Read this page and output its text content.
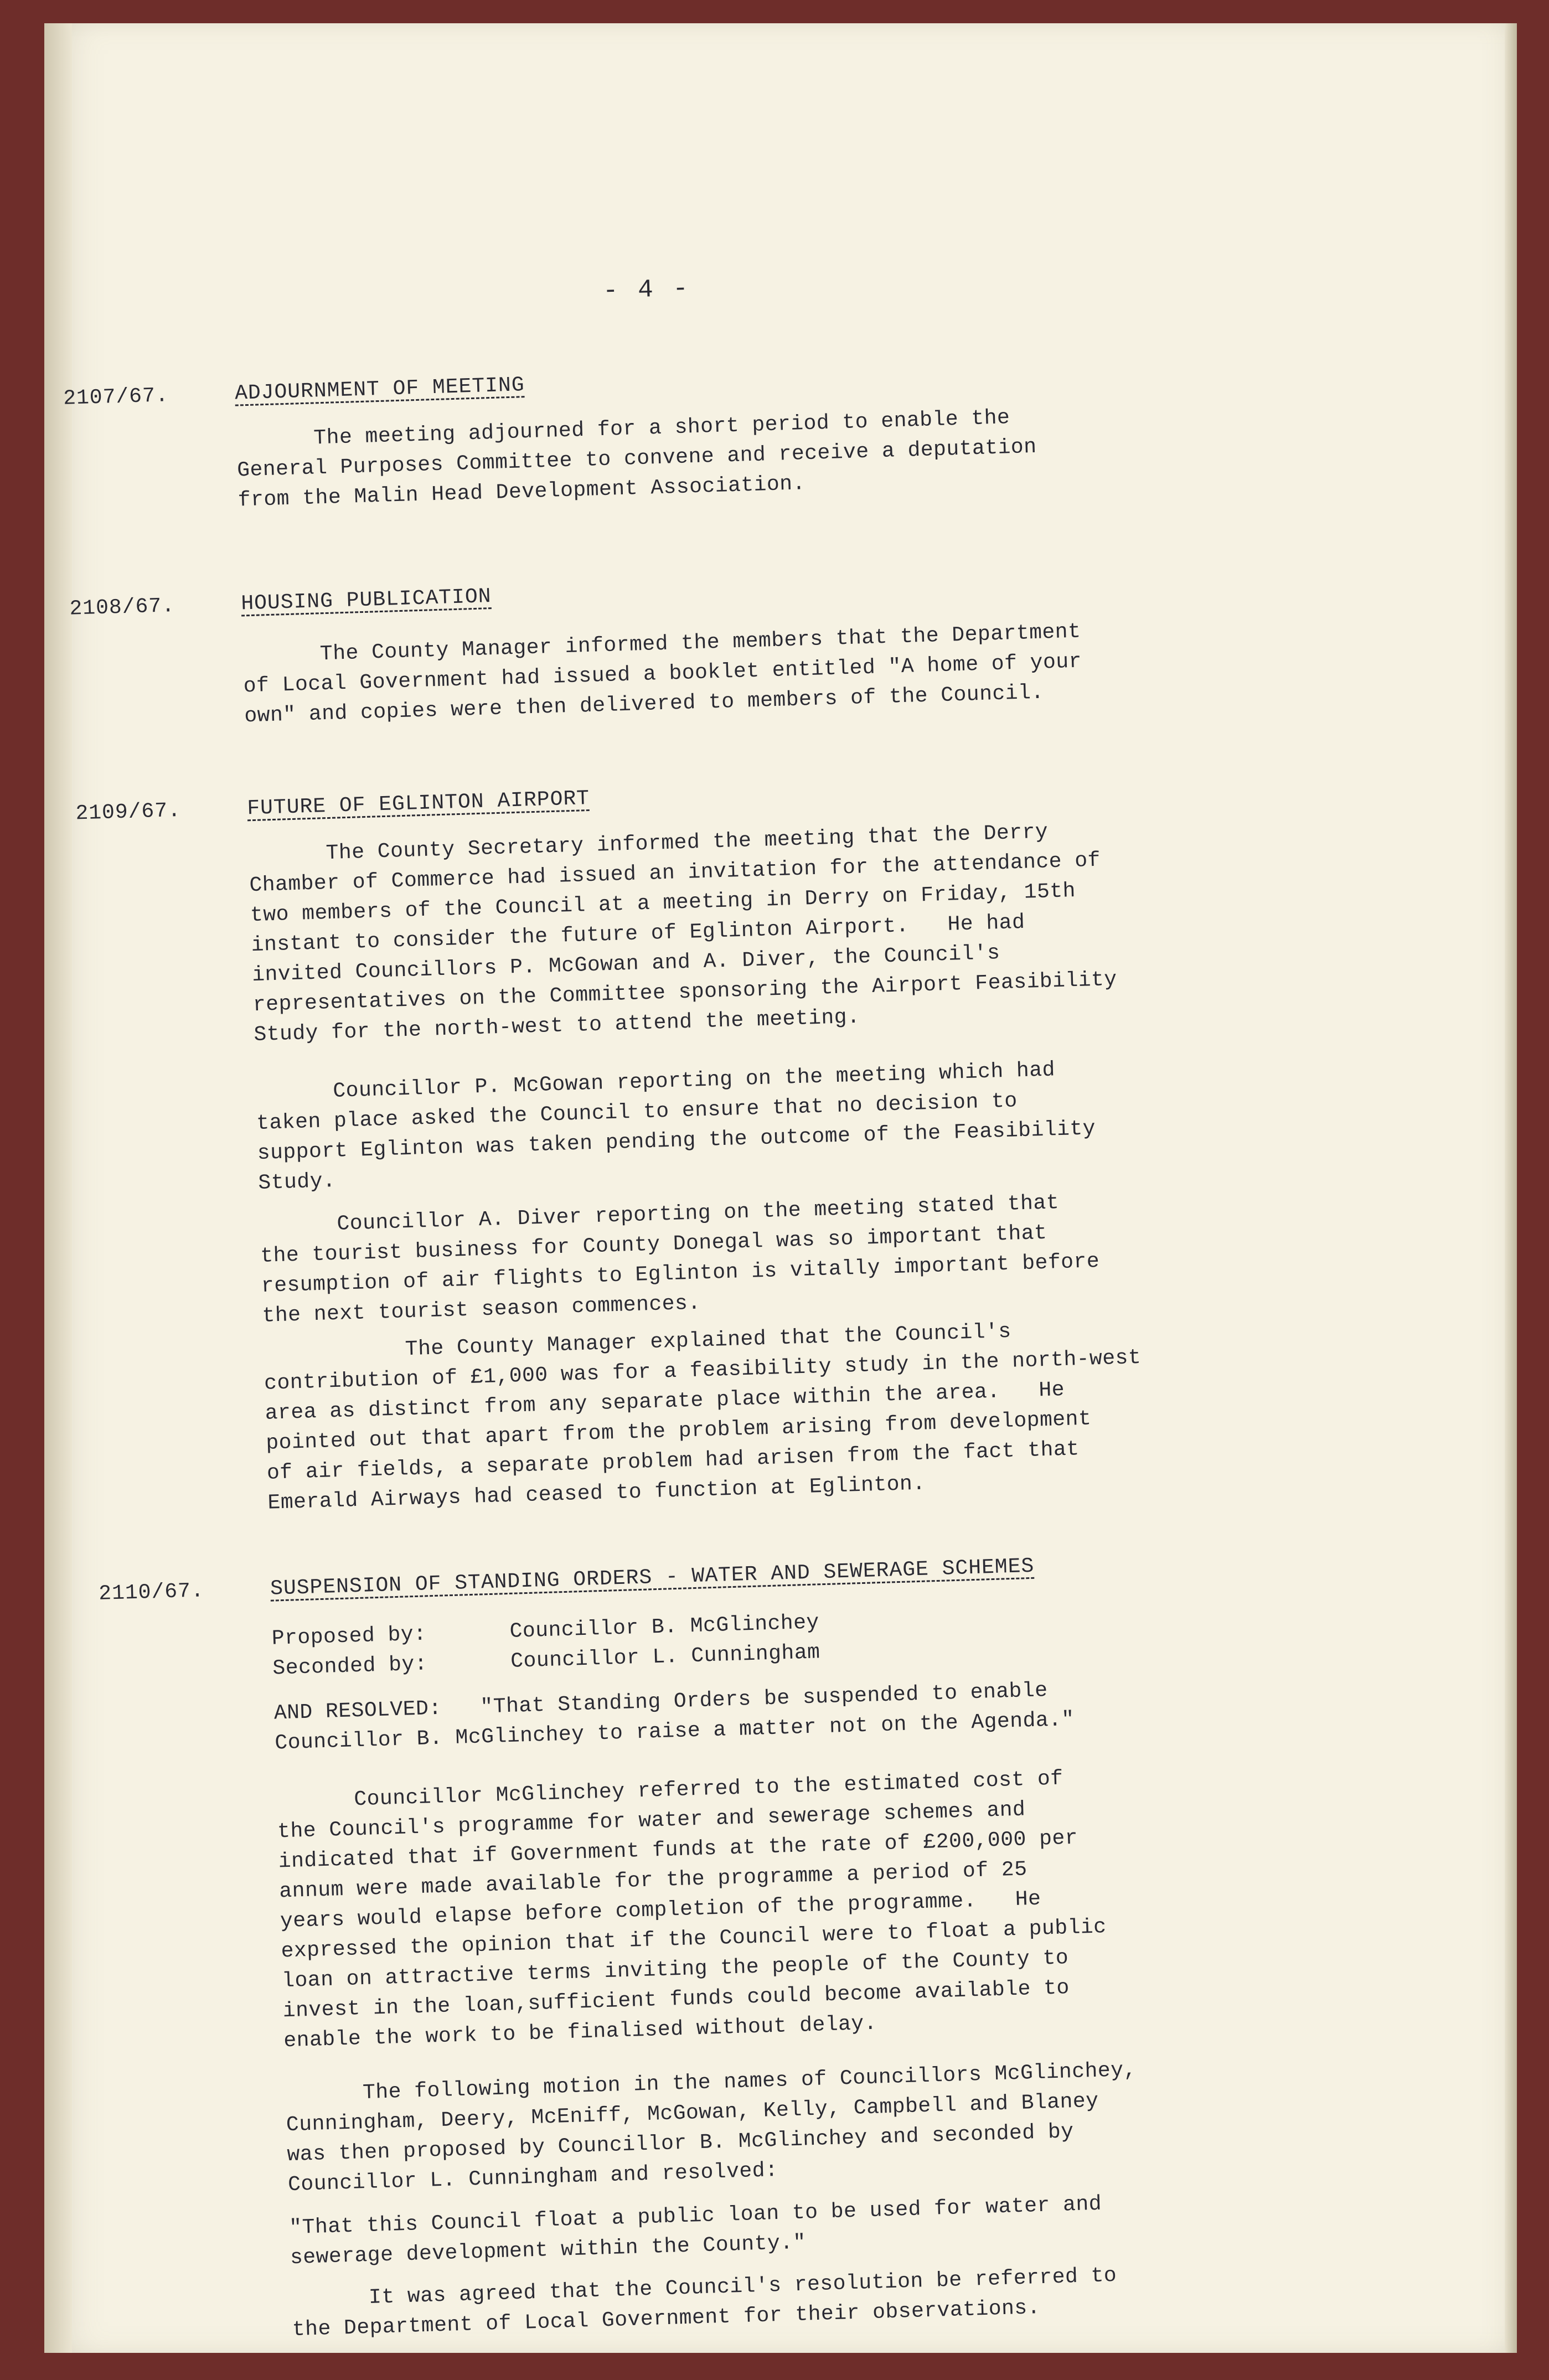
- 4 -
2107/67.	ADJOURNMENT OF MEETING
The meeting adjourned for a short period to enable the
General Purposes Committee to convene and receive a deputation
from the Malin Head Development Association.
2108/67.	HOUSING PUBLICATION
The County Manager informed the members that the Department
of Local Government had issued a booklet entitled "A home of your
own" and copies were then delivered to members of the Council.
2109/67.	FUTURE OF EGLINTON AIRPORT
The County Secretary informed the meeting that the Derry
Chamber of Commerce had issued an invitation for the attendance of
two members of the Council at a meeting in Derry on Friday, 15th
instant to consider the future of Eglinton Airport.   He had
invited Councillors P. McGowan and A. Diver, the Council's
representatives on the Committee sponsoring the Airport Feasibility
Study for the north-west to attend the meeting.
Councillor P. McGowan reporting on the meeting which had
taken place asked the Council to ensure that no decision to
support Eglinton was taken pending the outcome of the Feasibility
Study.
Councillor A. Diver reporting on the meeting stated that
the tourist business for County Donegal was so important that
resumption of air flights to Eglinton is vitally important before
the next tourist season commences.
The County Manager explained that the Council's
contribution of £1,000 was for a feasibility study in the north-west
area as distinct from any separate place within the area.   He
pointed out that apart from the problem arising from development
of air fields, a separate problem had arisen from the fact that
Emerald Airways had ceased to function at Eglinton.
2110/67.	SUSPENSION OF STANDING ORDERS - WATER AND SEWERAGE SCHEMES
Proposed by:	Councillor B. McGlinchey
Seconded by:	Councillor L. Cunningham
AND RESOLVED:   "That Standing Orders be suspended to enable
Councillor B. McGlinchey to raise a matter not on the Agenda."
Councillor McGlinchey referred to the estimated cost of
the Council's programme for water and sewerage schemes and
indicated that if Government funds at the rate of £200,000 per
annum were made available for the programme a period of 25
years would elapse before completion of the programme.   He
expressed the opinion that if the Council were to float a public
loan on attractive terms inviting the people of the County to
invest in the loan,sufficient funds could become available to
enable the work to be finalised without delay.
The following motion in the names of Councillors McGlinchey,
Cunningham, Deery, McEniff, McGowan, Kelly, Campbell and Blaney
was then proposed by Councillor B. McGlinchey and seconded by
Councillor L. Cunningham and resolved:
"That this Council float a public loan to be used for water and
sewerage development within the County."
It was agreed that the Council's resolution be referred to
the Department of Local Government for their observations.
